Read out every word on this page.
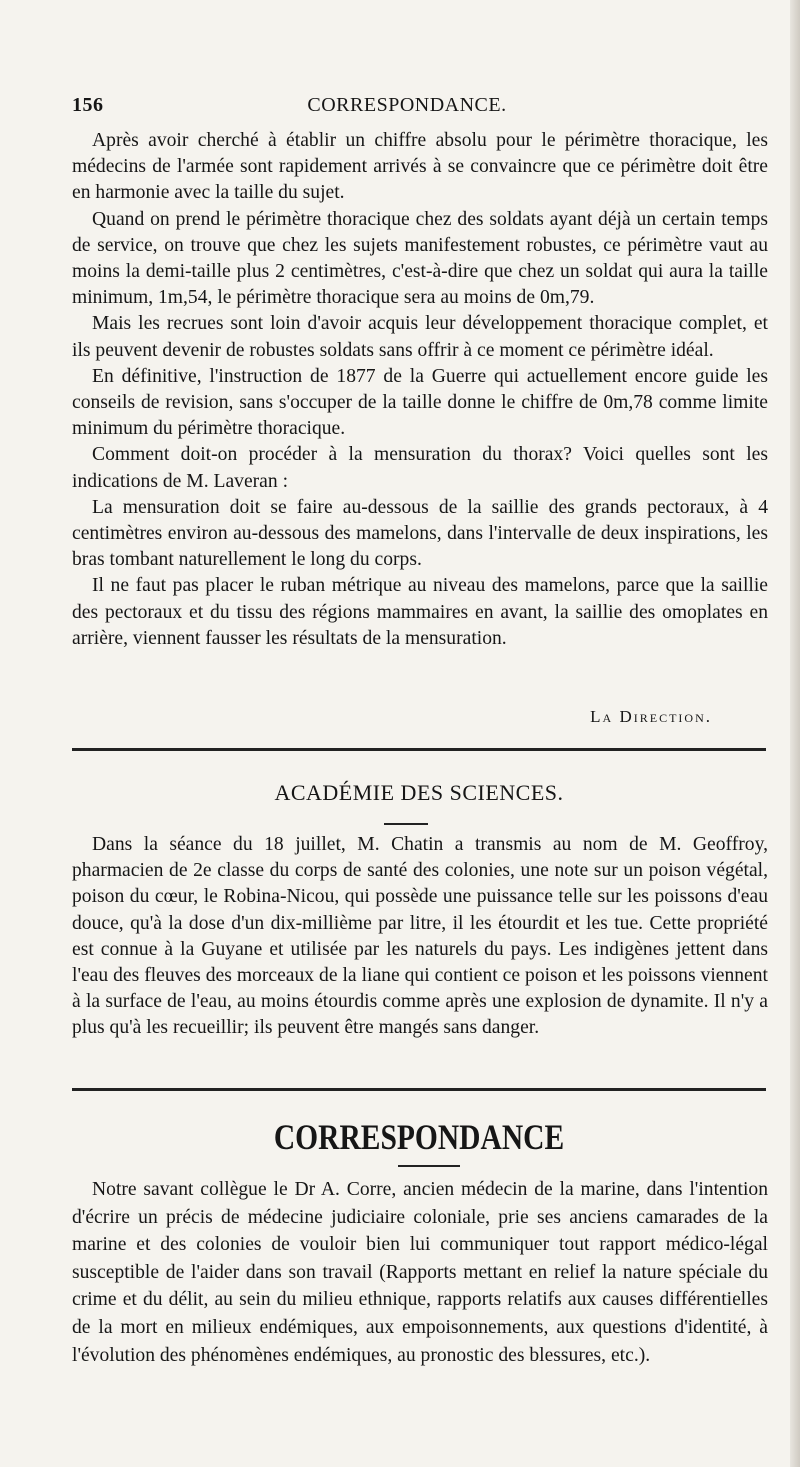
156	CORRESPONDANCE.

Après avoir cherché à établir un chiffre absolu pour le périmètre thoracique, les médecins de l'armée sont rapidement arrivés à se convaincre que ce périmètre doit être en harmonie avec la taille du sujet.

Quand on prend le périmètre thoracique chez des soldats ayant déjà un certain temps de service, on trouve que chez les sujets manifestement robustes, ce périmètre vaut au moins la demi-taille plus 2 centimètres, c'est-à-dire que chez un soldat qui aura la taille minimum, 1m,54, le périmètre thoracique sera au moins de 0m,79.

Mais les recrues sont loin d'avoir acquis leur développement thoracique complet, et ils peuvent devenir de robustes soldats sans offrir à ce moment ce périmètre idéal.

En définitive, l'instruction de 1877 de la Guerre qui actuellement encore guide les conseils de revision, sans s'occuper de la taille donne le chiffre de 0m,78 comme limite minimum du périmètre thoracique.

Comment doit-on procéder à la mensuration du thorax? Voici quelles sont les indications de M. Laveran :

La mensuration doit se faire au-dessous de la saillie des grands pectoraux, à 4 centimètres environ au-dessous des mamelons, dans l'intervalle de deux inspirations, les bras tombant naturellement le long du corps.

Il ne faut pas placer le ruban métrique au niveau des mamelons, parce que la saillie des pectoraux et du tissu des régions mammaires en avant, la saillie des omoplates en arrière, viennent fausser les résultats de la mensuration.

La Direction.
ACADÉMIE DES SCIENCES.

Dans la séance du 18 juillet, M. Chatin a transmis au nom de M. Geoffroy, pharmacien de 2e classe du corps de santé des colonies, une note sur un poison végétal, poison du cœur, le Robina-Nicou, qui possède une puissance telle sur les poissons d'eau douce, qu'à la dose d'un dix-millième par litre, il les étourdit et les tue. Cette propriété est connue à la Guyane et utilisée par les naturels du pays. Les indigènes jettent dans l'eau des fleuves des morceaux de la liane qui contient ce poison et les poissons viennent à la surface de l'eau, au moins étourdis comme après une explosion de dynamite. Il n'y a plus qu'à les recueillir; ils peuvent être mangés sans danger.

CORRESPONDANCE

Notre savant collègue le Dr A. Corre, ancien médecin de la marine, dans l'intention d'écrire un précis de médecine judiciaire coloniale, prie ses anciens camarades de la marine et des colonies de vouloir bien lui communiquer tout rapport médico-légal susceptible de l'aider dans son travail (Rapports mettant en relief la nature spéciale du crime et du délit, au sein du milieu ethnique, rapports relatifs aux causes différentielles de la mort en milieux endémiques, aux empoisonnements, aux questions d'identité, à l'évolution des phénomènes endémiques, au pronostic des blessures, etc.).
